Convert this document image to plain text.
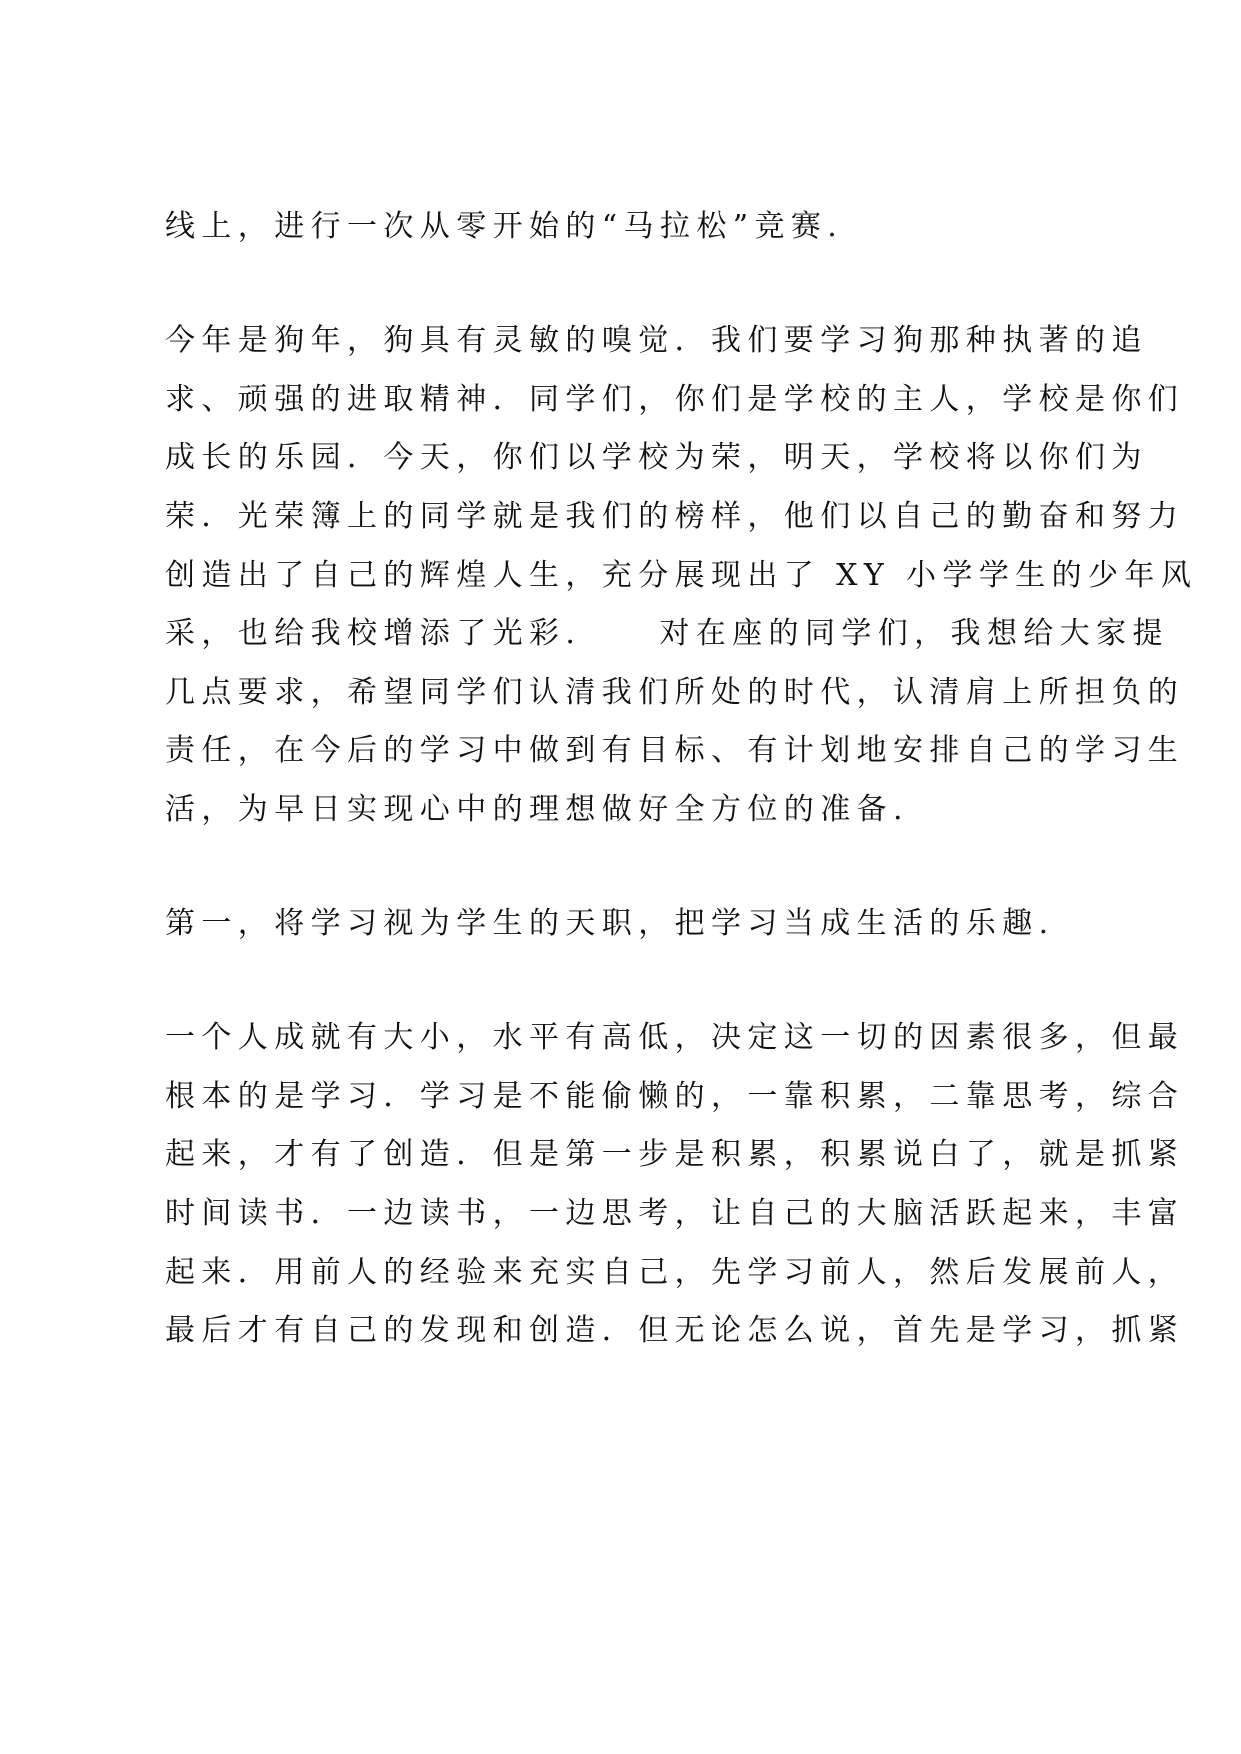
线上，进行一次从零开始的“马拉松”竞赛.
今年是狗年，狗具有灵敏的嗅觉．我们要学习狗那种执著的追
求、顽强的进取精神．同学们，你们是学校的主人，学校是你们
成长的乐园．今天，你们以学校为荣，明天，学校将以你们为
荣．光荣簿上的同学就是我们的榜样，他们以自己的勤奋和努力
创造出了自己的辉煌人生，充分展现出了 XY 小学学生的少年风
采，也给我校增添了光彩.	对在座的同学们，我想给大家提
几点要求，希望同学们认清我们所处的时代，认清肩上所担负的
责任，在今后的学习中做到有目标、有计划地安排自己的学习生
活，为早日实现心中的理想做好全方位的准备.
第一，将学习视为学生的天职，把学习当成生活的乐趣.
一个人成就有大小，水平有高低，决定这一切的因素很多，但最
根本的是学习．学习是不能偷懒的，一靠积累，二靠思考，综合
起来，才有了创造．但是第一步是积累，积累说白了，就是抓紧
时间读书．一边读书，一边思考，让自己的大脑活跃起来，丰富
起来．用前人的经验来充实自己，先学习前人，然后发展前人，
最后才有自己的发现和创造．但无论怎么说，首先是学习，抓紧
